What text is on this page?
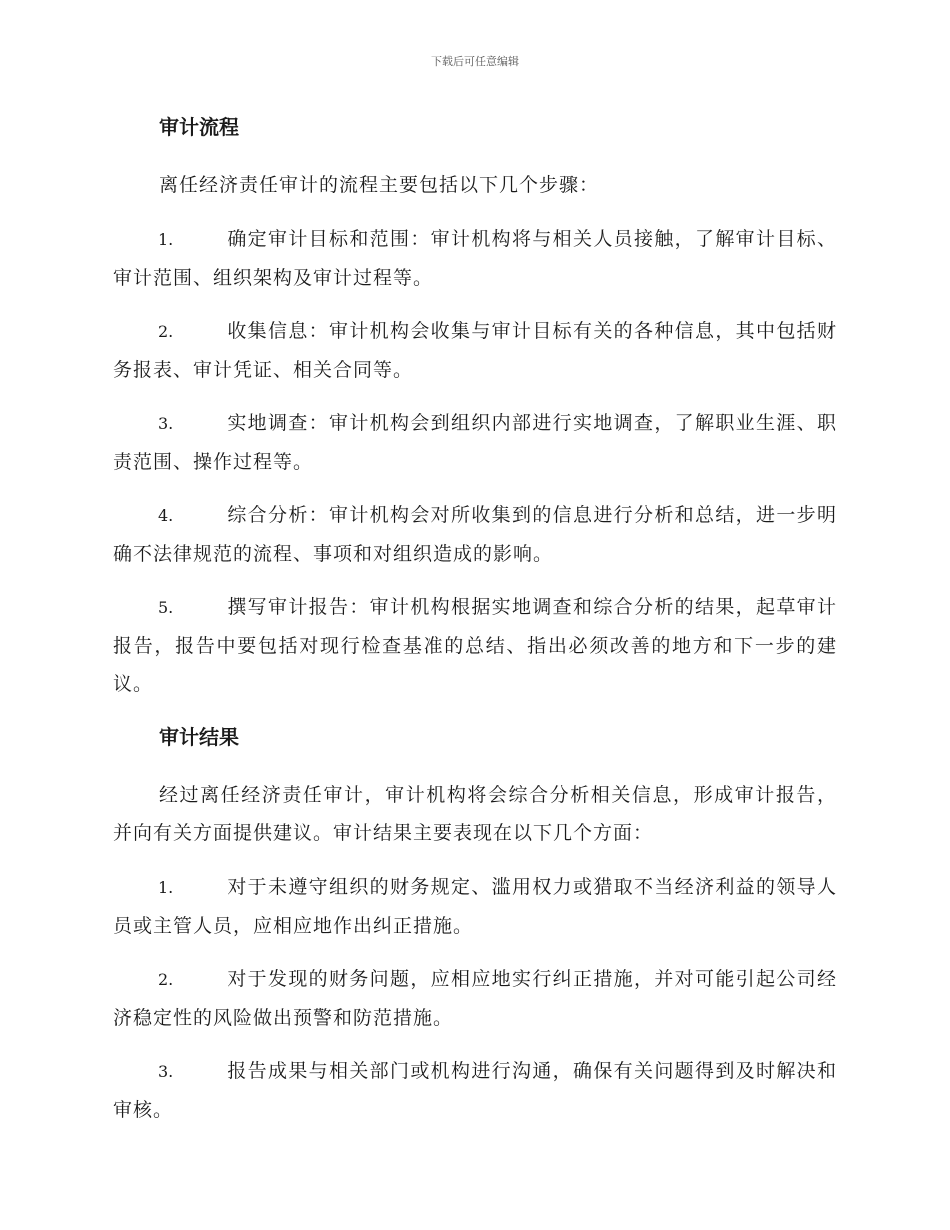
下载后可任意编辑
审计流程

离任经济责任审计的流程主要包括以下几个步骤：

1.	确定审计目标和范围：审计机构将与相关人员接触，了解审计目标、审计范围、组织架构及审计过程等。

2.	收集信息：审计机构会收集与审计目标有关的各种信息，其中包括财务报表、审计凭证、相关合同等。

3.	实地调查：审计机构会到组织内部进行实地调查，了解职业生涯、职责范围、操作过程等。

4.	综合分析：审计机构会对所收集到的信息进行分析和总结，进一步明确不法律规范的流程、事项和对组织造成的影响。

5.	撰写审计报告：审计机构根据实地调查和综合分析的结果，起草审计报告，报告中要包括对现行检查基准的总结、指出必须改善的地方和下一步的建议。

审计结果

经过离任经济责任审计，审计机构将会综合分析相关信息，形成审计报告，并向有关方面提供建议。审计结果主要表现在以下几个方面：

1.	对于未遵守组织的财务规定、滥用权力或猎取不当经济利益的领导人员或主管人员，应相应地作出纠正措施。

2.	对于发现的财务问题，应相应地实行纠正措施，并对可能引起公司经济稳定性的风险做出预警和防范措施。

3.	报告成果与相关部门或机构进行沟通，确保有关问题得到及时解决和审核。
